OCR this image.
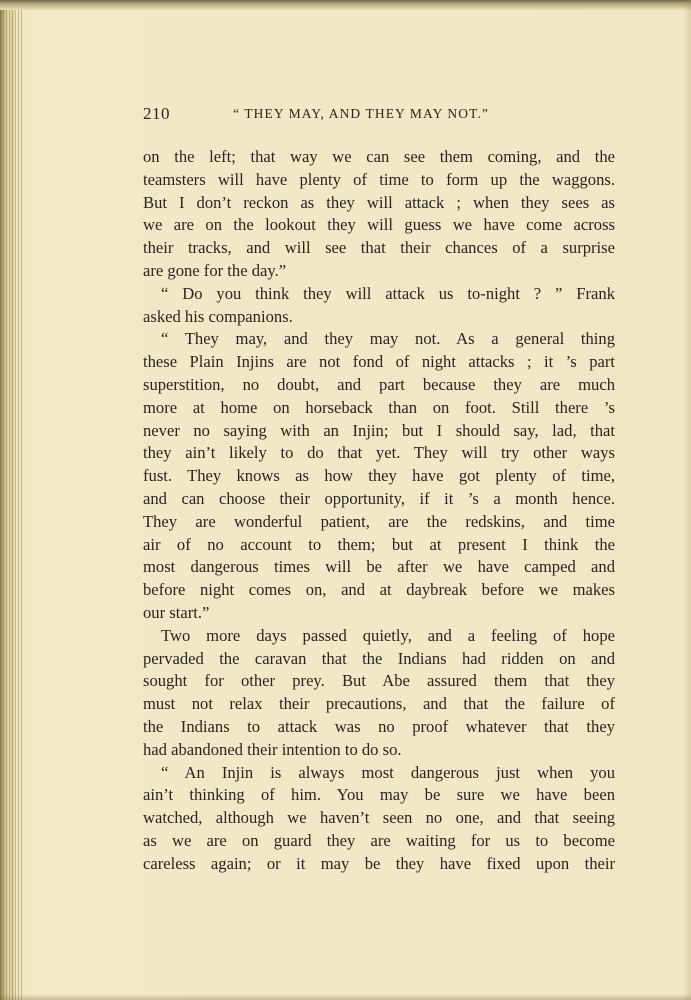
210	“ THEY MAY, AND THEY MAY NOT.”
on the left; that way we can see them coming, and the
teamsters will have plenty of time to form up the waggons.
But I don’t reckon as they will attack ; when they sees as
we are on the lookout they will guess we have come across
their tracks, and will see that their chances of a surprise
are gone for the day.”
“ Do you think they will attack us to-night ? ” Frank
asked his companions.
“ They may, and they may not. As a general thing
these Plain Injins are not fond of night attacks ; it ’s part
superstition, no doubt, and part because they are much
more at home on horseback than on foot. Still there ’s
never no saying with an Injin; but I should say, lad, that
they ain’t likely to do that yet. They will try other ways
fust. They knows as how they have got plenty of time,
and can choose their opportunity, if it ’s a month hence.
They are wonderful patient, are the redskins, and time
air of no account to them; but at present I think the
most dangerous times will be after we have camped and
before night comes on, and at daybreak before we makes
our start.”
Two more days passed quietly, and a feeling of hope
pervaded the caravan that the Indians had ridden on and
sought for other prey. But Abe assured them that they
must not relax their precautions, and that the failure of
the Indians to attack was no proof whatever that they
had abandoned their intention to do so.
“ An Injin is always most dangerous just when you
ain’t thinking of him. You may be sure we have been
watched, although we haven’t seen no one, and that seeing
as we are on guard they are waiting for us to become
careless again; or it may be they have fixed upon their
